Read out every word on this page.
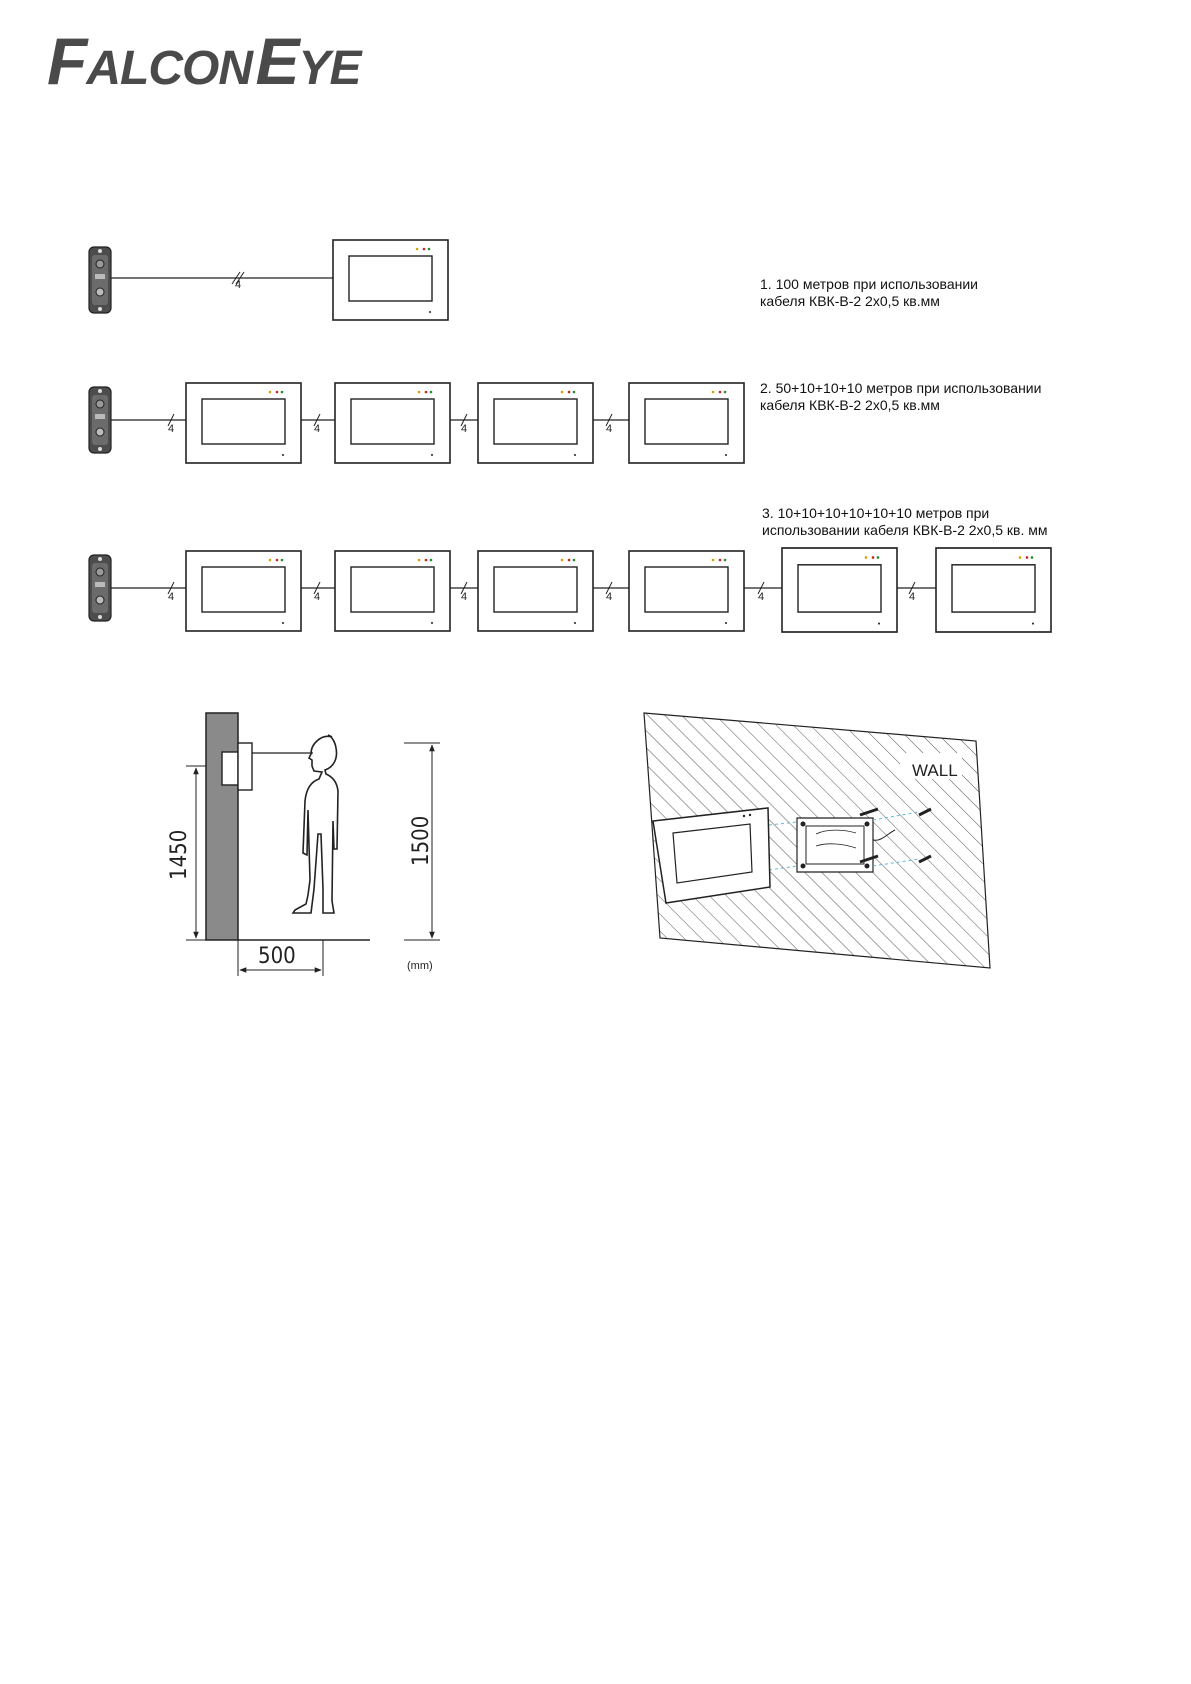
FALCON EYE
1. 100 метров при использовании
кабеля КВК-В-2 2х0,5 кв.мм
2. 50+10+10+10 метров при использовании
кабеля КВК-В-2 2х0,5 кв.мм
3. 10+10+10+10+10+10 метров при
использовании кабеля КВК-В-2 2х0,5 кв. мм
4
4	4	4	4
4	4	4	4	4	4
1450	1500
500	(mm)
WALL
